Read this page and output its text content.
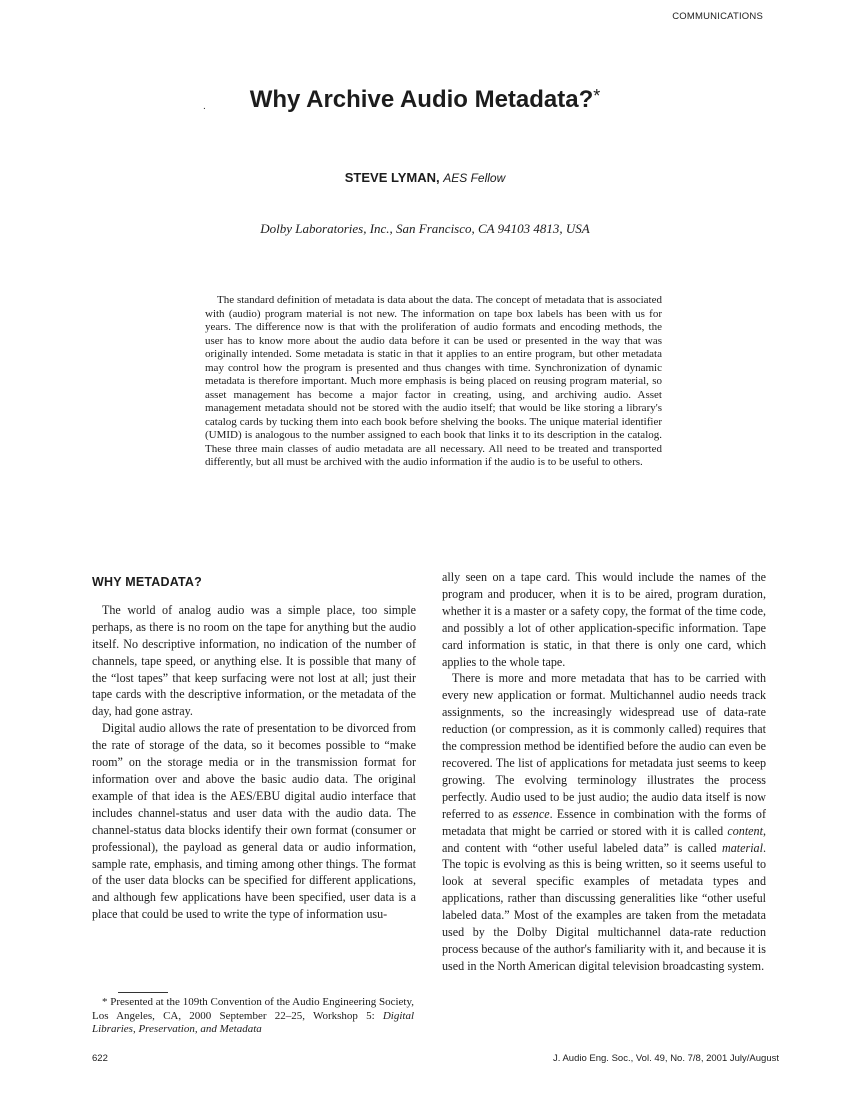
COMMUNICATIONS
Why Archive Audio Metadata?*
.
STEVE LYMAN, AES Fellow
Dolby Laboratories, Inc., San Francisco, CA 94103 4813, USA

The standard definition of metadata is data about the data. The concept of metadata that is associated with (audio) program material is not new. The information on tape box labels has been with us for years. The difference now is that with the proliferation of audio formats and encoding methods, the user has to know more about the audio data before it can be used or presented in the way that was originally intended. Some metadata is static in that it applies to an entire program, but other metadata may control how the program is presented and thus changes with time. Synchronization of dynamic metadata is therefore important. Much more emphasis is being placed on reusing program material, so asset management has become a major factor in creating, using, and archiving audio. Asset management metadata should not be stored with the audio itself; that would be like storing a library's catalog cards by tucking them into each book before shelving the books. The unique material identifier (UMID) is analogous to the number assigned to each book that links it to its description in the catalog. These three main classes of audio metadata are all necessary. All need to be treated and transported differently, but all must be archived with the audio information if the audio is to be useful to others.

WHY METADATA?

The world of analog audio was a simple place, too simple perhaps, as there is no room on the tape for anything but the audio itself. No descriptive information, no indication of the number of channels, tape speed, or anything else. It is possible that many of the “lost tapes” that keep surfacing were not lost at all; just their tape cards with the descriptive information, or the metadata of the day, had gone astray.

Digital audio allows the rate of presentation to be divorced from the rate of storage of the data, so it becomes possible to “make room” on the storage media or in the transmission format for information over and above the basic audio data. The original example of that idea is the AES/EBU digital audio interface that includes channel-status and user data with the audio data. The channel-status data blocks identify their own format (consumer or professional), the payload as general data or audio information, sample rate, emphasis, and timing among other things. The format of the user data blocks can be specified for different applications, and although few applications have been specified, user data is a place that could be used to write the type of information usu-

ally seen on a tape card. This would include the names of the program and producer, when it is to be aired, program duration, whether it is a master or a safety copy, the format of the time code, and possibly a lot of other application-specific information. Tape card information is static, in that there is only one card, which applies to the whole tape.

There is more and more metadata that has to be carried with every new application or format. Multichannel audio needs track assignments, so the increasingly widespread use of data-rate reduction (or compression, as it is commonly called) requires that the compression method be identified before the audio can even be recovered. The list of applications for metadata just seems to keep growing. The evolving terminology illustrates the process perfectly. Audio used to be just audio; the audio data itself is now referred to as essence. Essence in combination with the forms of metadata that might be carried or stored with it is called content, and content with “other useful labeled data” is called material. The topic is evolving as this is being written, so it seems useful to look at several specific examples of metadata types and applications, rather than discussing generalities like “other useful labeled data.” Most of the examples are taken from the metadata used by the Dolby Digital multichannel data-rate reduction process because of the author's familiarity with it, and because it is used in the North American digital television broadcasting system.

* Presented at the 109th Convention of the Audio Engineering Society, Los Angeles, CA, 2000 September 22–25, Workshop 5: Digital Libraries, Preservation, and Metadata

622	J. Audio Eng. Soc., Vol. 49, No. 7/8, 2001 July/August
